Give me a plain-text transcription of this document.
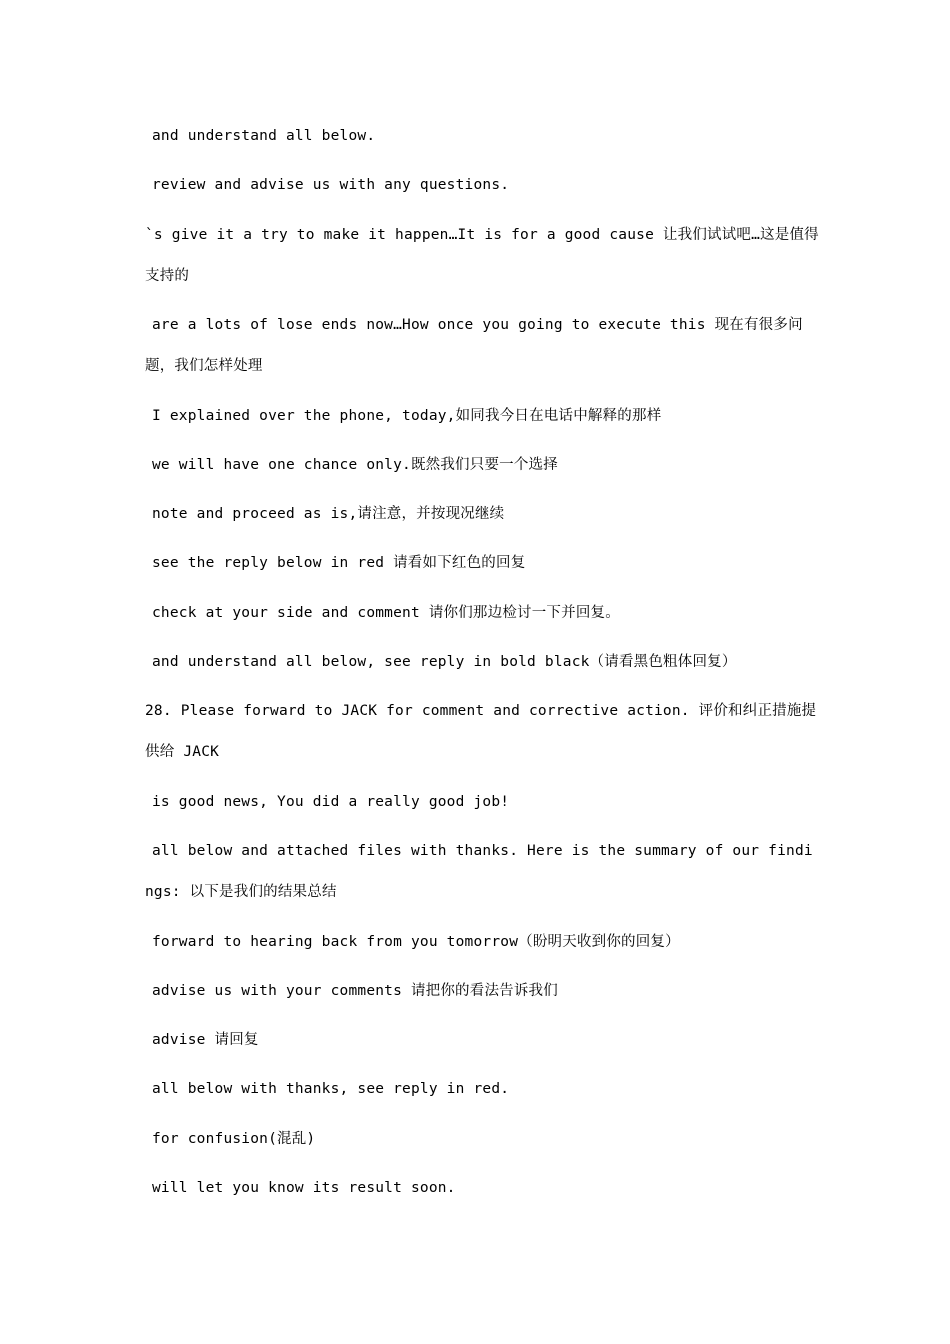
and understand all below.
review and advise us with any questions.
`s give it a try to make it happen…It is for a good cause 让我们试试吧…这是值得支持的
are a lots of lose ends now…How once you going to execute this 现在有很多问题，我们怎样处理
I explained over the phone, today,如同我今日在电话中解释的那样
we will have one chance only.既然我们只要一个选择
note and proceed as is,请注意，并按现况继续
see the reply below in red 请看如下红色的回复
check at your side and comment 请你们那边检讨一下并回复。
and understand all below, see reply in bold black（请看黑色粗体回复）
28. Please forward to JACK for comment and corrective action. 评价和纠正措施提供给 JACK
is good news, You did a really good job!
all below and attached files with thanks. Here is the summary of our findings: 以下是我们的结果总结
forward to hearing back from you tomorrow（盼明天收到你的回复）
advise us with your comments 请把你的看法告诉我们
advise 请回复
all below with thanks, see reply in red.
for confusion(混乱)
will let you know its result soon.
